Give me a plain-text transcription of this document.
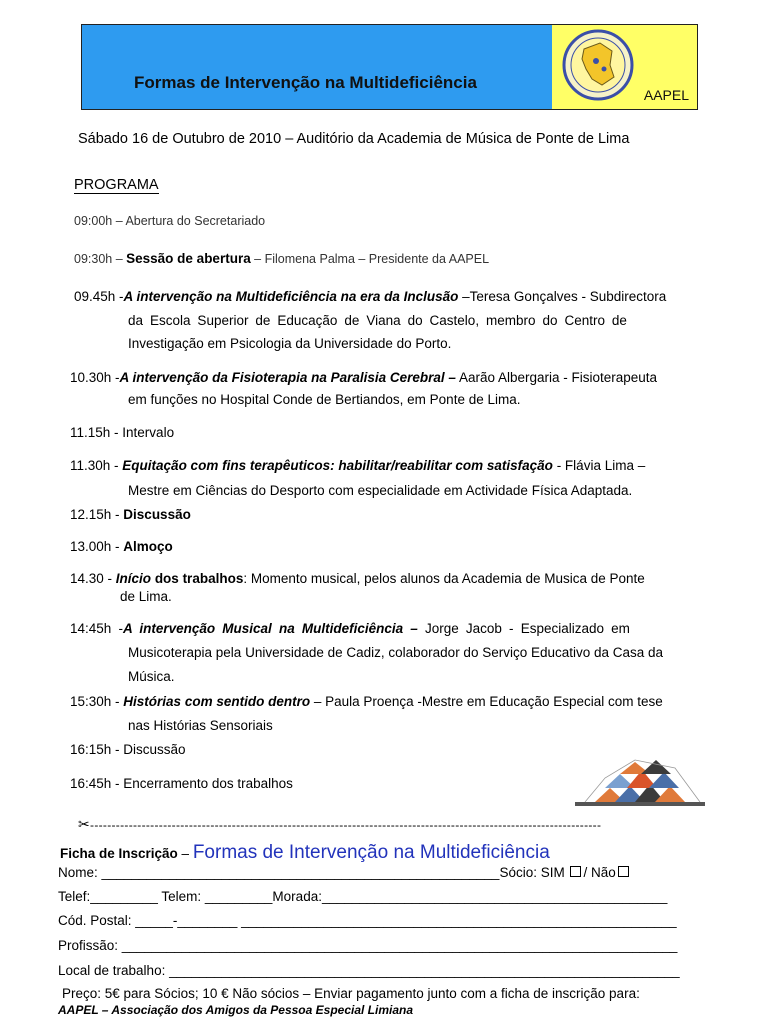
Formas de Intervenção na Multideficiência
AAPEL
Sábado 16 de Outubro de 2010 – Auditório da Academia de Música de Ponte de Lima
PROGRAMA
09:00h – Abertura do Secretariado
09:30h – Sessão de abertura – Filomena Palma – Presidente da AAPEL
09.45h -A intervenção na Multideficiência na era da Inclusão –Teresa Gonçalves - Subdirectora
da Escola Superior de Educação de Viana do Castelo, membro do Centro de
Investigação em Psicologia da Universidade do Porto.
10.30h -A intervenção da Fisioterapia na Paralisia Cerebral – Aarão Albergaria - Fisioterapeuta
em funções no Hospital Conde de Bertiandos, em Ponte de Lima.
11.15h - Intervalo
11.30h - Equitação com fins terapêuticos: habilitar/reabilitar com satisfação - Flávia Lima –
Mestre em Ciências do Desporto com especialidade em Actividade Física Adaptada.
12.15h - Discussão
13.00h - Almoço
14.30 - Início dos trabalhos: Momento musical, pelos alunos da Academia de Musica de Ponte
de Lima.
14:45h -A intervenção Musical na Multideficiência – Jorge Jacob - Especializado em
Musicoterapia pela Universidade de Cadiz, colaborador do Serviço Educativo da Casa da
Música.
15:30h - Histórias com sentido dentro – Paula Proença -Mestre em Educação Especial com tese
nas Histórias Sensoriais
16:15h - Discussão
16:45h - Encerramento dos trabalhos
✂-----------------------------------------------------------------------------------------------------------------------
Ficha de Inscrição – Formas de Intervenção na Multideficiência
Nome: _____________________________________________________Sócio: SIM / Não
Telef:_________ Telem: _________Morada:______________________________________________
Cód. Postal: _____-________ __________________________________________________________
Profissão: __________________________________________________________________________
Local de trabalho: ____________________________________________________________________
Preço: 5€ para Sócios; 10 € Não sócios – Enviar pagamento junto com a ficha de inscrição para:
AAPEL – Associação dos Amigos da Pessoa Especial Limiana
